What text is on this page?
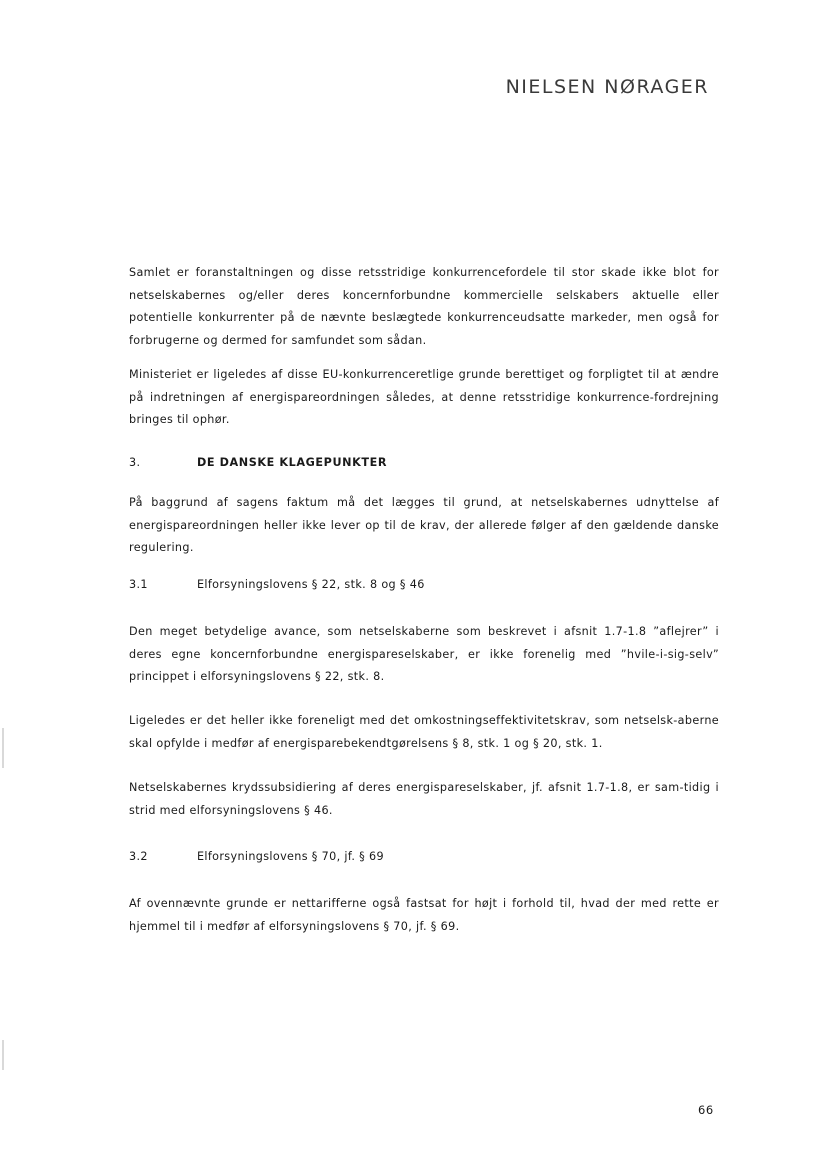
NIELSEN NØRAGER

Samlet er foranstaltningen og disse retsstridige konkurrencefordele til stor skade ikke blot for netselskabernes og/eller deres koncernforbundne kommercielle selskabers aktuelle eller potentielle konkurrenter på de nævnte beslægtede konkurrenceudsatte markeder, men også for forbrugerne og dermed for samfundet som sådan.

Ministeriet er ligeledes af disse EU-konkurrenceretlige grunde berettiget og forpligtet til at ændre på indretningen af energispareordningen således, at denne retsstridige konkurrence-fordrejning bringes til ophør.

3.	DE DANSKE KLAGEPUNKTER

På baggrund af sagens faktum må det lægges til grund, at netselskabernes udnyttelse af energispareordningen heller ikke lever op til de krav, der allerede følger af den gældende danske regulering.

3.1	Elforsyningslovens § 22, stk. 8 og § 46

Den meget betydelige avance, som netselskaberne som beskrevet i afsnit 1.7-1.8 ”aflejrer” i deres egne koncernforbundne energispareselskaber, er ikke forenelig med ”hvile-i-sig-selv” princippet i elforsyningslovens § 22, stk. 8.

Ligeledes er det heller ikke foreneligt med det omkostningseffektivitetskrav, som netselsk-aberne skal opfylde i medfør af energisparebekendtgørelsens § 8, stk. 1 og § 20, stk. 1.

Netselskabernes krydssubsidiering af deres energispareselskaber, jf. afsnit 1.7-1.8, er sam-tidig i strid med elforsyningslovens § 46.

3.2	Elforsyningslovens § 70, jf. § 69

Af ovennævnte grunde er nettarifferne også fastsat for højt i forhold til, hvad der med rette er hjemmel til i medfør af elforsyningslovens § 70, jf. § 69.

66
